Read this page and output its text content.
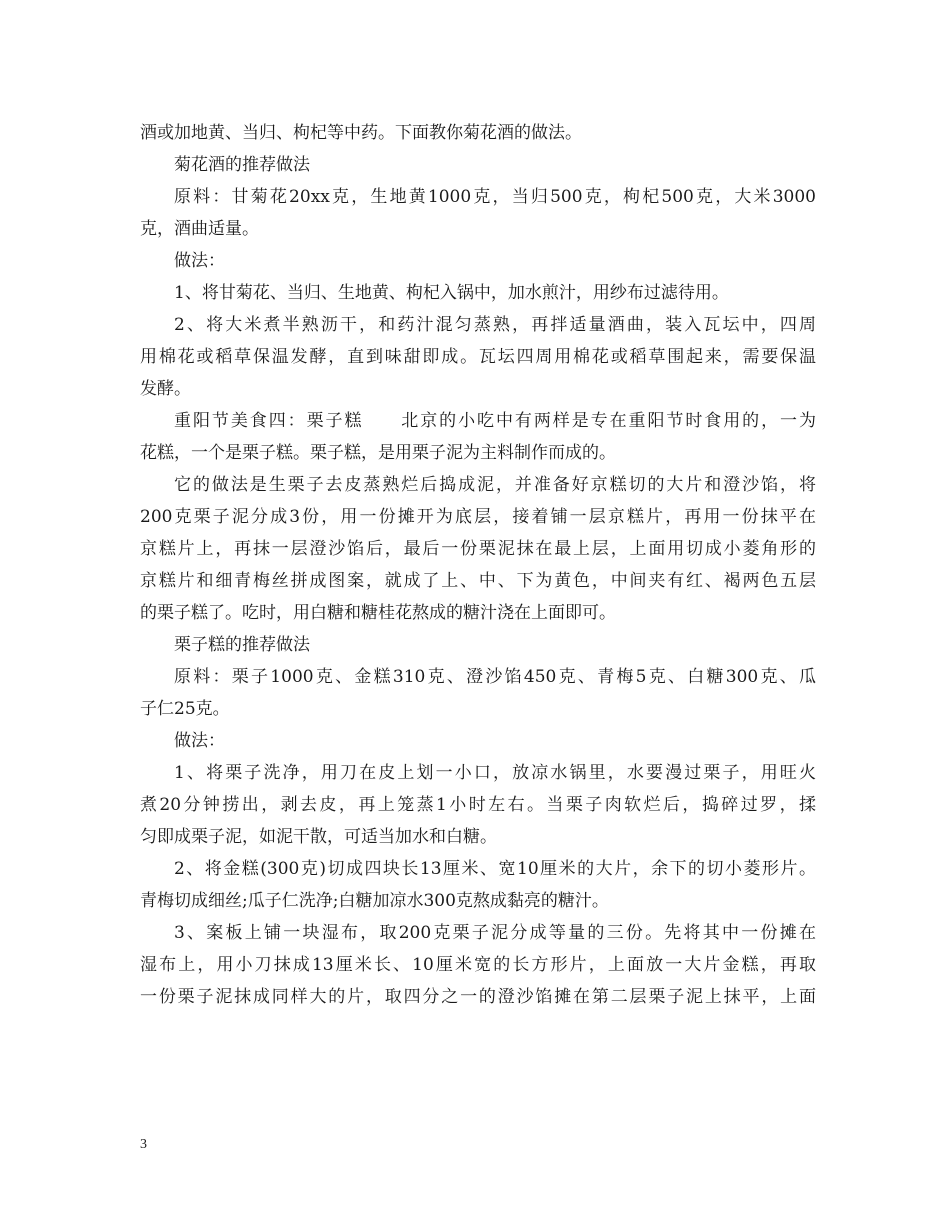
酒或加地黄、当归、枸杞等中药。下面教你菊花酒的做法。
菊花酒的推荐做法
原料：甘菊花20xx克，生地黄1000克，当归500克，枸杞500克，大米3000
克，酒曲适量。
做法：
1、将甘菊花、当归、生地黄、枸杞入锅中，加水煎汁，用纱布过滤待用。
2、将大米煮半熟沥干，和药汁混匀蒸熟，再拌适量酒曲，装入瓦坛中，四周
用棉花或稻草保温发酵，直到味甜即成。瓦坛四周用棉花或稻草围起来，需要保温
发酵。
重阳节美食四：栗子糕　　北京的小吃中有两样是专在重阳节时食用的，一为
花糕，一个是栗子糕。栗子糕，是用栗子泥为主料制作而成的。
它的做法是生栗子去皮蒸熟烂后捣成泥，并准备好京糕切的大片和澄沙馅，将
200克栗子泥分成3份，用一份摊开为底层，接着铺一层京糕片，再用一份抹平在
京糕片上，再抹一层澄沙馅后，最后一份栗泥抹在最上层，上面用切成小菱角形的
京糕片和细青梅丝拼成图案，就成了上、中、下为黄色，中间夹有红、褐两色五层
的栗子糕了。吃时，用白糖和糖桂花熬成的糖汁浇在上面即可。
栗子糕的推荐做法
原料：栗子1000克、金糕310克、澄沙馅450克、青梅5克、白糖300克、瓜
子仁25克。
做法：
1、将栗子洗净，用刀在皮上划一小口，放凉水锅里，水要漫过栗子，用旺火
煮20分钟捞出，剥去皮，再上笼蒸1小时左右。当栗子肉软烂后，捣碎过罗，揉
匀即成栗子泥，如泥干散，可适当加水和白糖。
2、将金糕(300克)切成四块长13厘米、宽10厘米的大片，余下的切小菱形片。
青梅切成细丝;瓜子仁洗净;白糖加凉水300克熬成黏亮的糖汁。
3、案板上铺一块湿布，取200克栗子泥分成等量的三份。先将其中一份摊在
湿布上，用小刀抹成13厘米长、10厘米宽的长方形片，上面放一大片金糕，再取
一份栗子泥抹成同样大的片，取四分之一的澄沙馅摊在第二层栗子泥上抹平，上面
3
